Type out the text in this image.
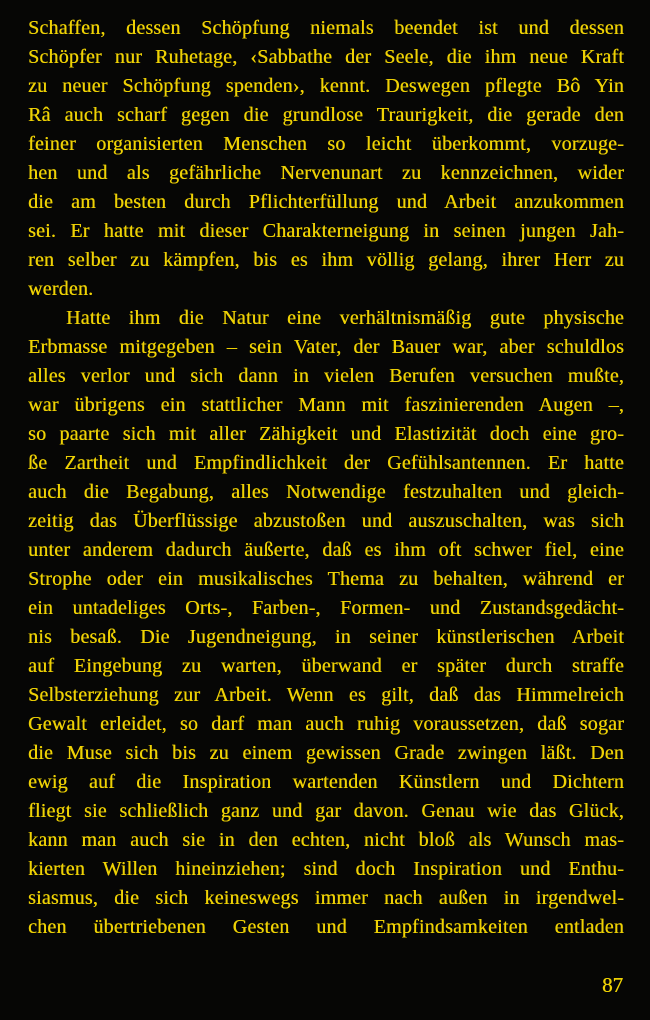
Schaffen, dessen Schöpfung niemals beendet ist und dessen
Schöpfer nur Ruhetage, ‹Sabbathe der Seele, die ihm neue Kraft
zu neuer Schöpfung spenden›, kennt. Deswegen pflegte Bô Yin
Râ auch scharf gegen die grundlose Traurigkeit, die gerade den
feiner organisierten Menschen so leicht überkommt, vorzuge-
hen und als gefährliche Nervenunart zu kennzeichnen, wider
die am besten durch Pflichterfüllung und Arbeit anzukommen
sei. Er hatte mit dieser Charakterneigung in seinen jungen Jah-
ren selber zu kämpfen, bis es ihm völlig gelang, ihrer Herr zu
werden.
Hatte ihm die Natur eine verhältnismäßig gute physische
Erbmasse mitgegeben – sein Vater, der Bauer war, aber schuldlos
alles verlor und sich dann in vielen Berufen versuchen mußte,
war übrigens ein stattlicher Mann mit faszinierenden Augen –,
so paarte sich mit aller Zähigkeit und Elastizität doch eine gro-
ße Zartheit und Empfindlichkeit der Gefühlsantennen. Er hatte
auch die Begabung, alles Notwendige festzuhalten und gleich-
zeitig das Überflüssige abzustoßen und auszuschalten, was sich
unter anderem dadurch äußerte, daß es ihm oft schwer fiel, eine
Strophe oder ein musikalisches Thema zu behalten, während er
ein untadeliges Orts-, Farben-, Formen- und Zustandsgedächt-
nis besaß. Die Jugendneigung, in seiner künstlerischen Arbeit
auf Eingebung zu warten, überwand er später durch straffe
Selbsterziehung zur Arbeit. Wenn es gilt, daß das Himmelreich
Gewalt erleidet, so darf man auch ruhig voraussetzen, daß sogar
die Muse sich bis zu einem gewissen Grade zwingen läßt. Den
ewig auf die Inspiration wartenden Künstlern und Dichtern
fliegt sie schließlich ganz und gar davon. Genau wie das Glück,
kann man auch sie in den echten, nicht bloß als Wunsch mas-
kierten Willen hineinziehen; sind doch Inspiration und Enthu-
siasmus, die sich keineswegs immer nach außen in irgendwel-
chen übertriebenen Gesten und Empfindsamkeiten entladen
87
